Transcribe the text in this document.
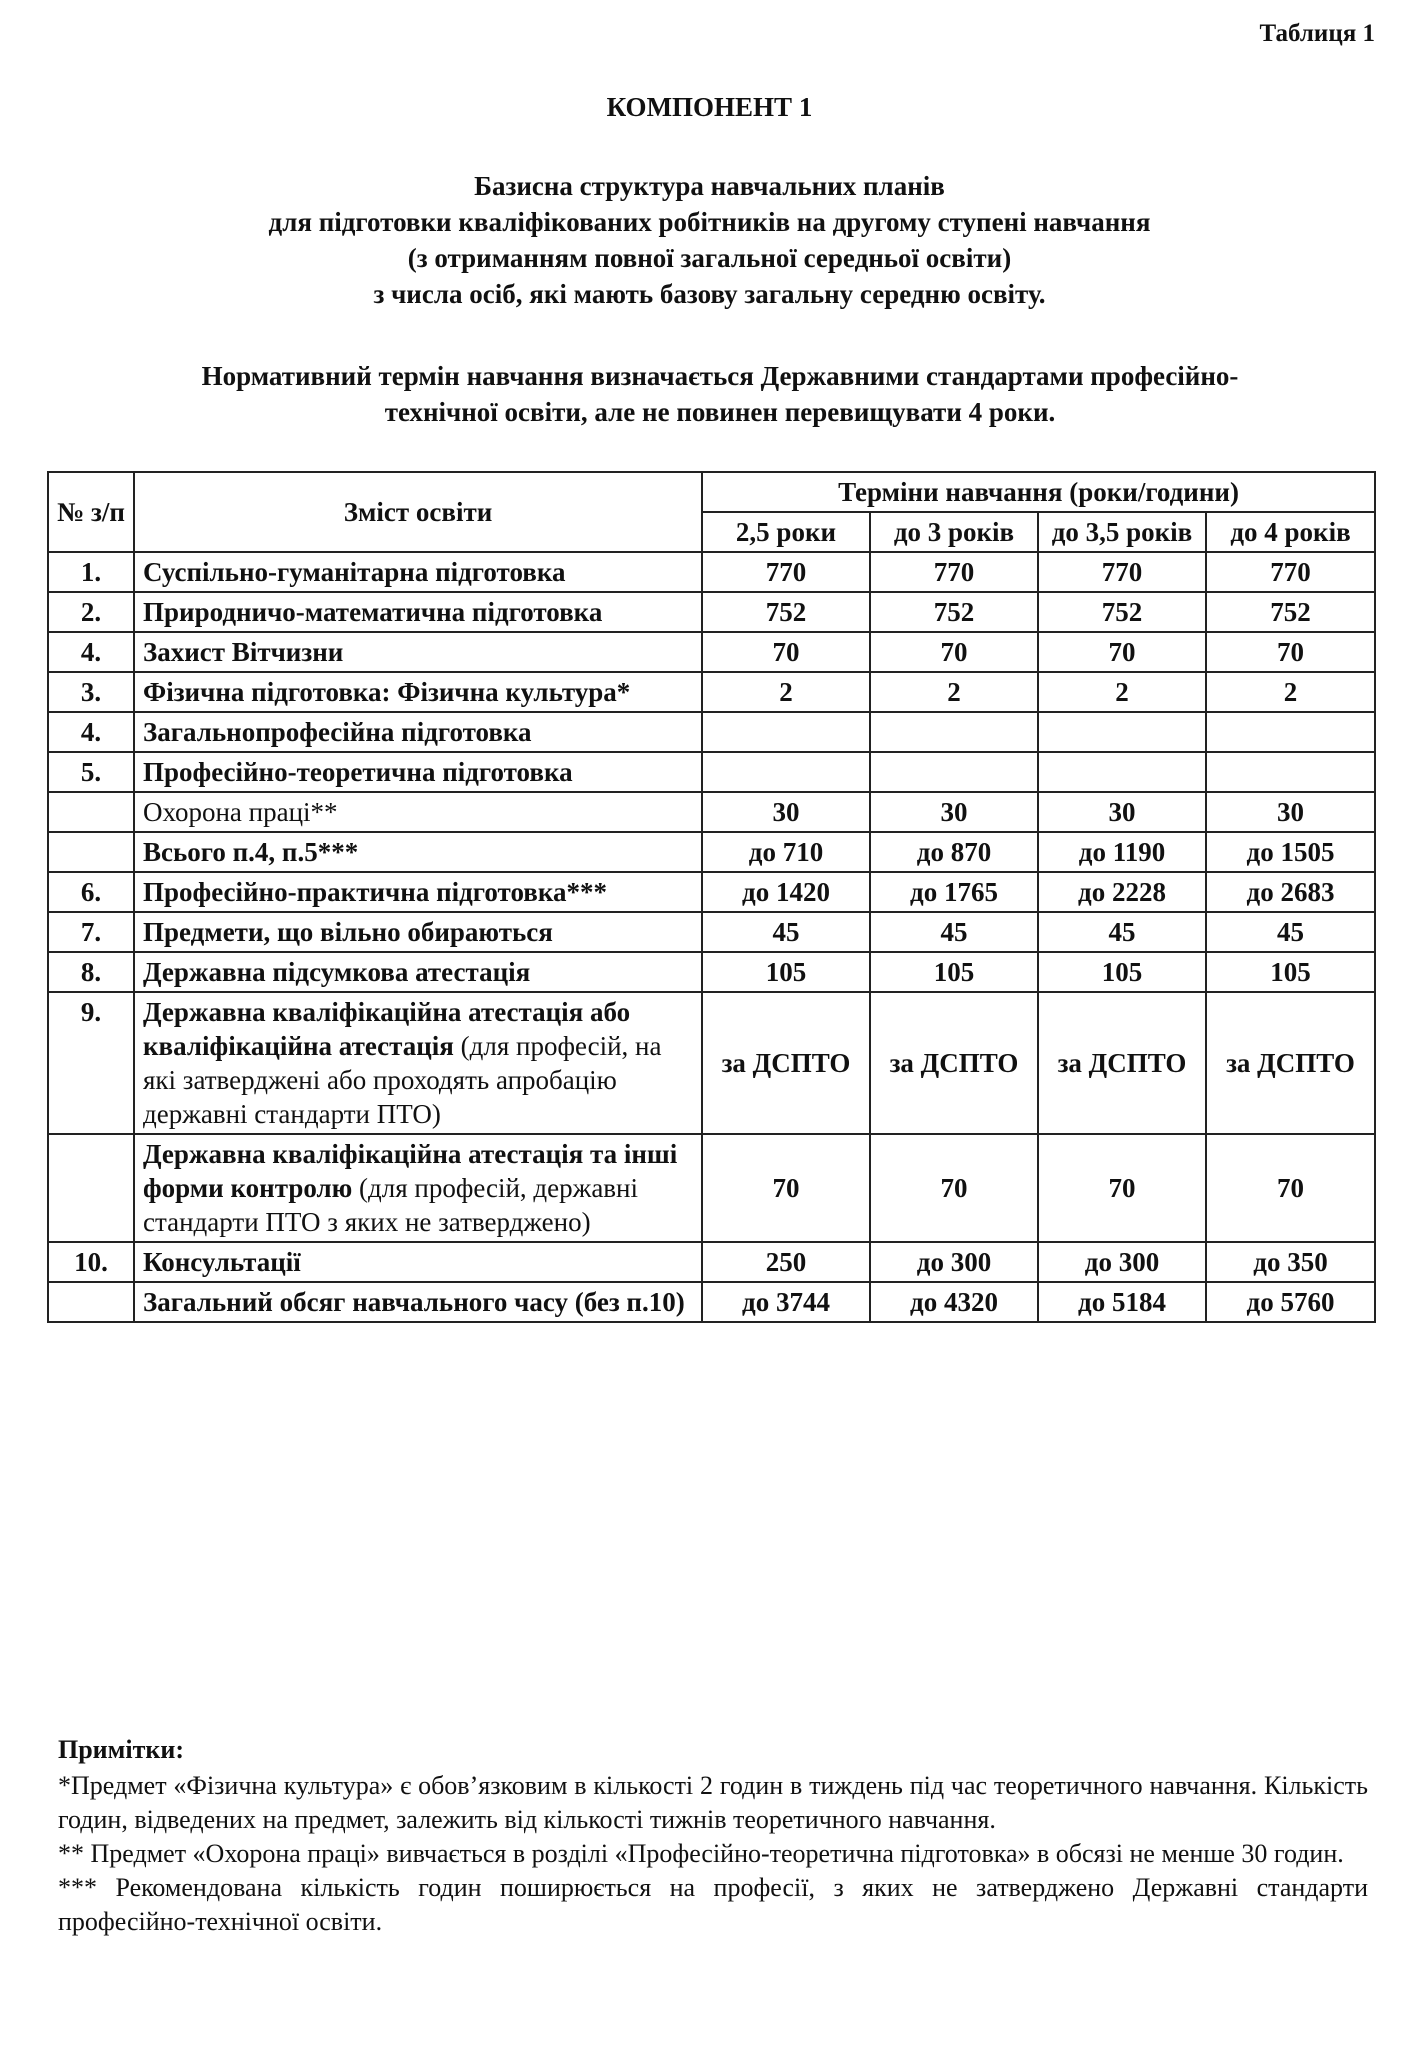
Таблиця 1
КОМПОНЕНТ 1
Базисна структура навчальних планів
для підготовки кваліфікованих робітників на другому ступені навчання
(з отриманням повної загальної середньої освіти)
з числа осіб, які мають базову загальну середню освіту.
Нормативний термін навчання визначається Державними стандартами професійно-
технічної освіти, але не повинен перевищувати 4 роки.
№ з/п	Зміст освіти	Терміни навчання (роки/години)			
		2,5 роки	до 3 років	до 3,5 років	до 4 років
1.	Суспільно-гуманітарна підготовка	770	770	770	770
2.	Природничо-математична підготовка	752	752	752	752
4.	Захист Вітчизни	70	70	70	70
3.	Фізична підготовка: Фізична культура*	2	2	2	2
4.	Загальнопрофесійна підготовка				
5.	Професійно-теоретична підготовка				
	Охорона праці**	30	30	30	30
	Всього п.4, п.5***	до 710	до 870	до 1190	до 1505
6.	Професійно-практична підготовка***	до 1420	до 1765	до 2228	до 2683
7.	Предмети, що вільно обираються	45	45	45	45
8.	Державна підсумкова атестація	105	105	105	105
9.	Державна кваліфікаційна атестація або кваліфікаційна атестація (для професій, на які затверджені або проходять апробацію державні стандарти ПТО)	за ДСПТО	за ДСПТО	за ДСПТО	за ДСПТО
	Державна кваліфікаційна атестація та інші форми контролю (для професій, державні стандарти ПТО з яких не затверджено)	70	70	70	70
10.	Консультації	250	до 300	до 300	до 350
	Загальний обсяг навчального часу (без п.10)	до 3744	до 4320	до 5184	до 5760
Примітки:

*Предмет «Фізична культура» є обов’язковим в кількості 2 годин в тиждень під час теоретичного навчання. Кількість годин, відведених на предмет, залежить від кількості тижнів теоретичного навчання.

** Предмет «Охорона праці» вивчається в розділі «Професійно-теоретична підготовка» в обсязі не менше 30 годин.

*** Рекомендована кількість годин поширюється на професії, з яких не затверджено Державні стандарти професійно-технічної освіти.
